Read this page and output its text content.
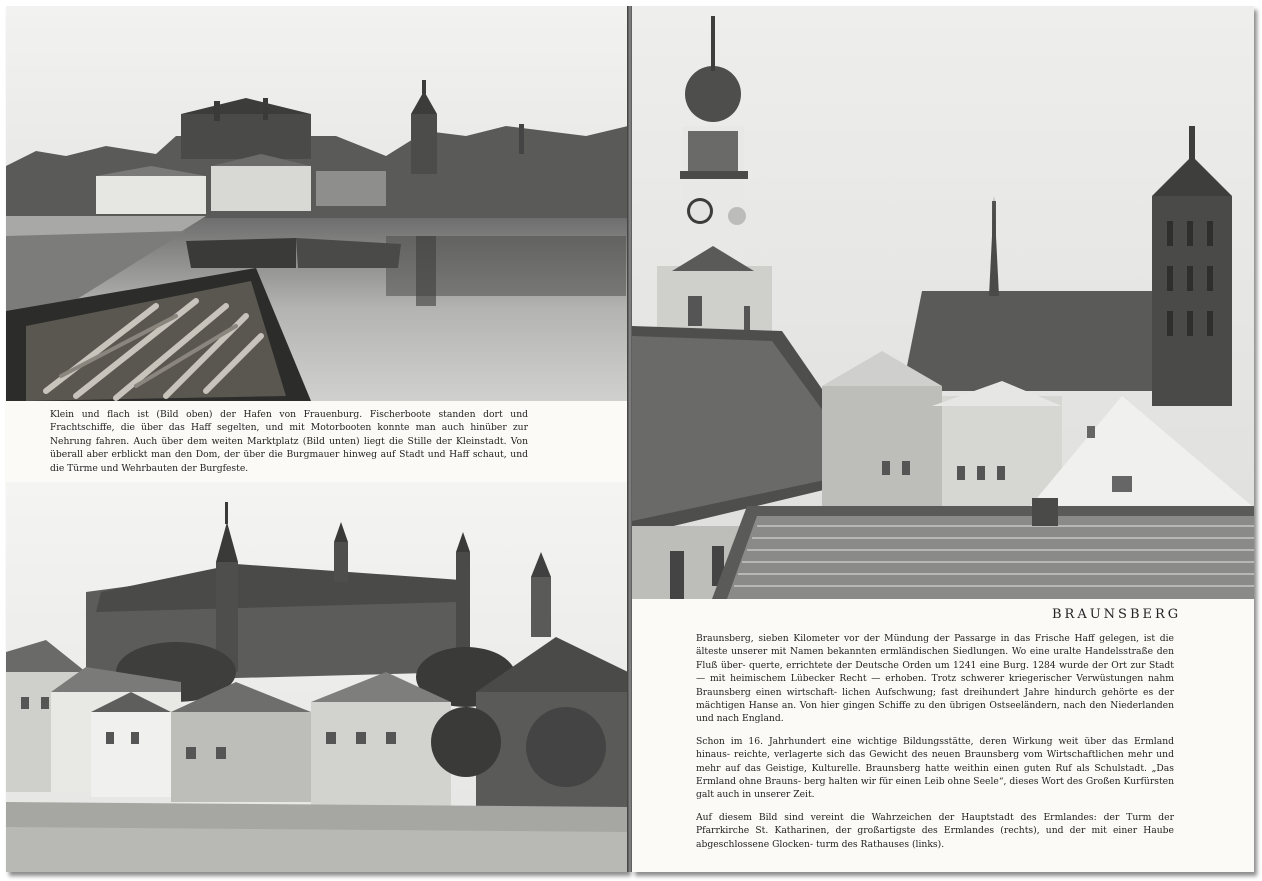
Klein und flach ist (Bild oben) der Hafen von Frauenburg. Fischerboote standen dort und Frachtschiffe, die über das Haff segelten, und mit Motorbooten konnte man auch hinüber zur Nehrung fahren. Auch über dem weiten Marktplatz (Bild unten) liegt die Stille der Kleinstadt. Von überall aber erblickt man den Dom, der über die Burgmauer hinweg auf Stadt und Haff schaut, und die Türme und Wehrbauten der Burgfeste.

BRAUNSBERG

Braunsberg, sieben Kilometer vor der Mündung der Passarge in das Frische Haff gelegen, ist die älteste unserer mit Namen bekannten ermländischen Siedlungen. Wo eine uralte Handelsstraße den Fluß über- querte, errichtete der Deutsche Orden um 1241 eine Burg. 1284 wurde der Ort zur Stadt — mit heimischem Lübecker Recht — erhoben. Trotz schwerer kriegerischer Verwüstungen nahm Braunsberg einen wirtschaft- lichen Aufschwung; fast dreihundert Jahre hindurch gehörte es der mächtigen Hanse an. Von hier gingen Schiffe zu den übrigen Ostseeländern, nach den Niederlanden und nach England.

Schon im 16. Jahrhundert eine wichtige Bildungsstätte, deren Wirkung weit über das Ermland hinaus- reichte, verlagerte sich das Gewicht des neuen Braunsberg vom Wirtschaftlichen mehr und mehr auf das Geistige, Kulturelle. Braunsberg hatte weithin einen guten Ruf als Schulstadt. „Das Ermland ohne Brauns- berg halten wir für einen Leib ohne Seele“, dieses Wort des Großen Kurfürsten galt auch in unserer Zeit.

Auf diesem Bild sind vereint die Wahrzeichen der Hauptstadt des Ermlandes: der Turm der Pfarrkirche St. Katharinen, der großartigste des Ermlandes (rechts), und der mit einer Haube abgeschlossene Glocken- turm des Rathauses (links).
